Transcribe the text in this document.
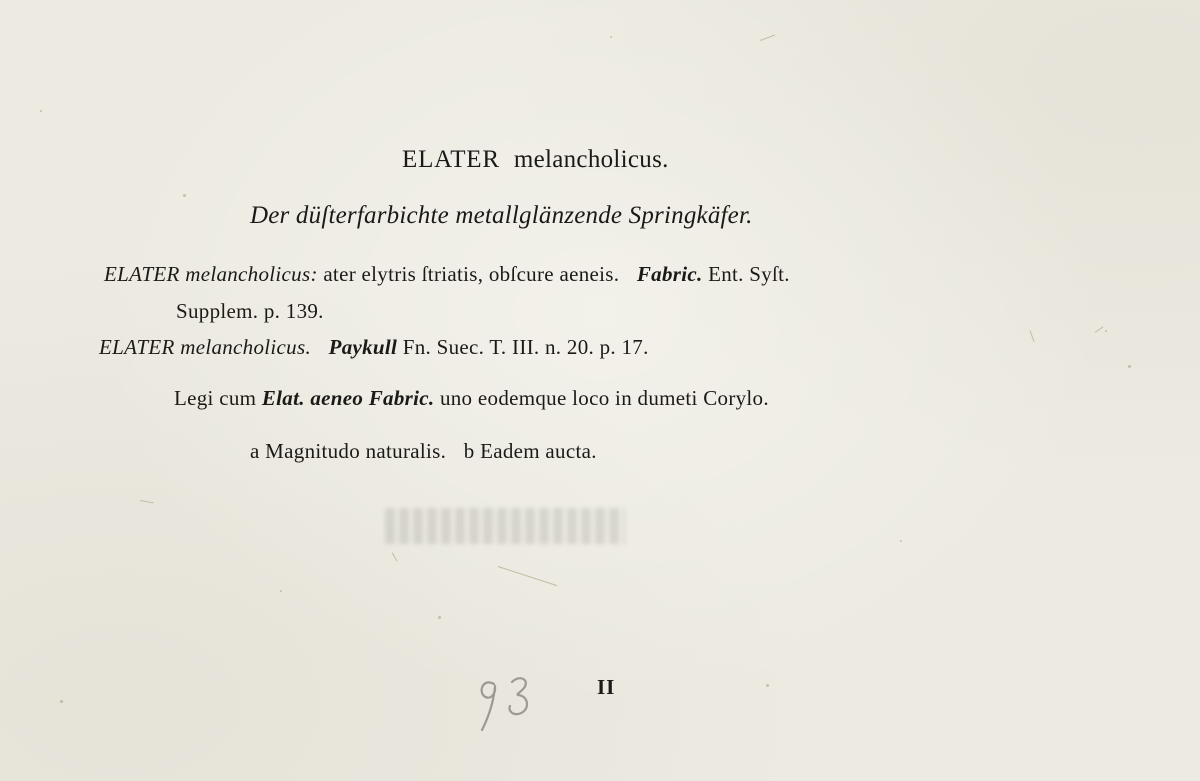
ELATER melancholicus.
Der düſterfarbichte metallglänzende Springkäfer.
ELATER melancholicus: ater elytris ſtriatis, obſcure aeneis. Fabric. Ent. Syſt.
Supplem. p. 139.
ELATER melancholicus. Paykull Fn. Suec. T. III. n. 20. p. 17.
Legi cum Elat. aeneo Fabric. uno eodemque loco in dumeti Corylo.
a Magnitudo naturalis. b Eadem aucta.
II
